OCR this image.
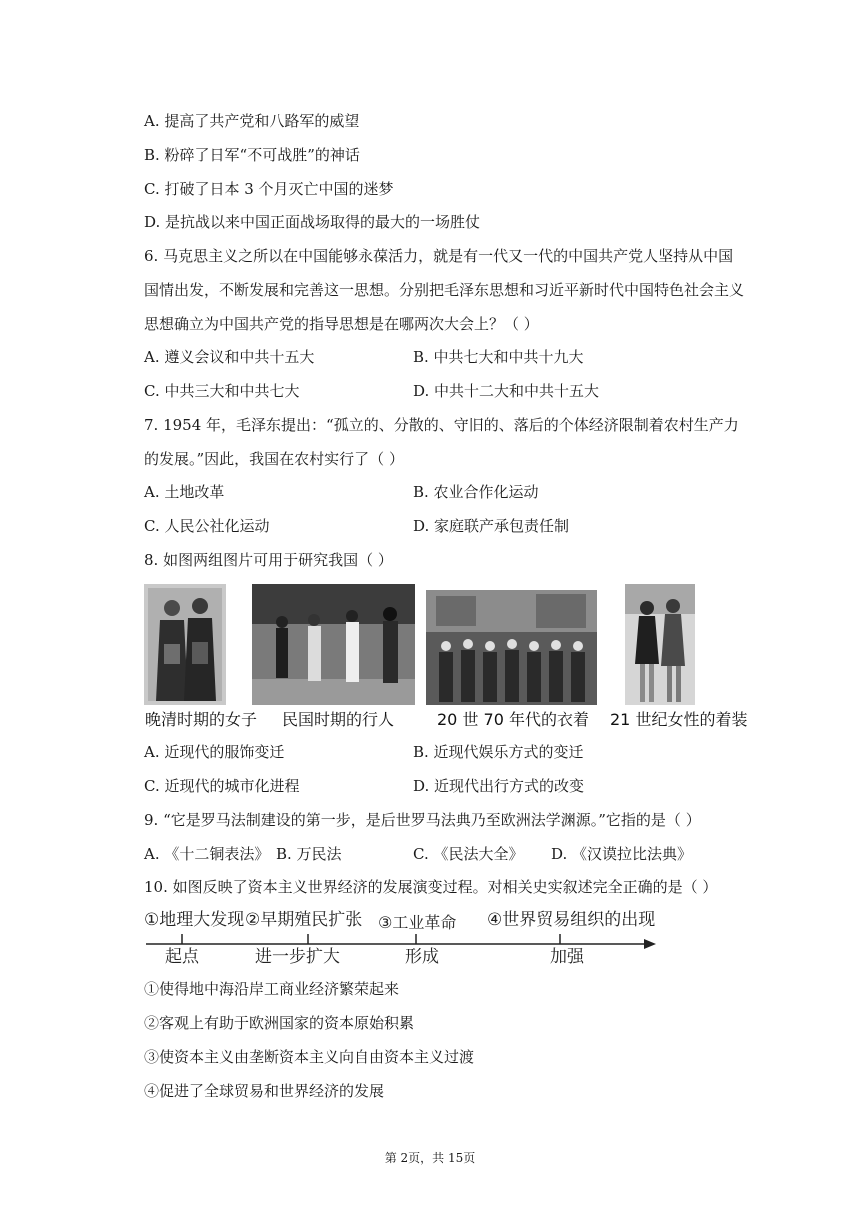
A. 提高了共产党和八路军的威望
B. 粉碎了日军“不可战胜”的神话
C. 打破了日本 3 个月灭亡中国的迷梦
D. 是抗战以来中国正面战场取得的最大的一场胜仗
6. 马克思主义之所以在中国能够永葆活力，就是有一代又一代的中国共产党人坚持从中国
国情出发，不断发展和完善这一思想。分别把毛泽东思想和习近平新时代中国特色社会主义
思想确立为中国共产党的指导思想是在哪两次大会上？（ ）
A. 遵义会议和中共十五大	B. 中共七大和中共十九大
C. 中共三大和中共七大	D. 中共十二大和中共十五大
7. 1954 年，毛泽东提出：“孤立的、分散的、守旧的、落后的个体经济限制着农村生产力
的发展。”因此，我国在农村实行了（ ）
A. 土地改革	B. 农业合作化运动
C. 人民公社化运动	D. 家庭联产承包责任制
8. 如图两组图片可用于研究我国（ ）
晚清时期的女子 民国时期的行人	20 世 70 年代的衣着 21 世纪女性的着装
A. 近现代的服饰变迁	B. 近现代娱乐方式的变迁
C. 近现代的城市化进程	D. 近现代出行方式的改变
9. “它是罗马法制建设的第一步，是后世罗马法典乃至欧洲法学渊源。”它指的是（ ）
A. 《十二铜表法》 B. 万民法	C. 《民法大全》 D. 《汉谟拉比法典》
10. 如图反映了资本主义世界经济的发展演变过程。对相关史实叙述完全正确的是（ ）
①地理大发现 ②早期殖民扩张 ③工业革命 ④世界贸易组织的出现
起点	进一步扩大	形成	加强
①使得地中海沿岸工商业经济繁荣起来
②客观上有助于欧洲国家的资本原始积累
③使资本主义由垄断资本主义向自由资本主义过渡
④促进了全球贸易和世界经济的发展
第 2页，共 15页
